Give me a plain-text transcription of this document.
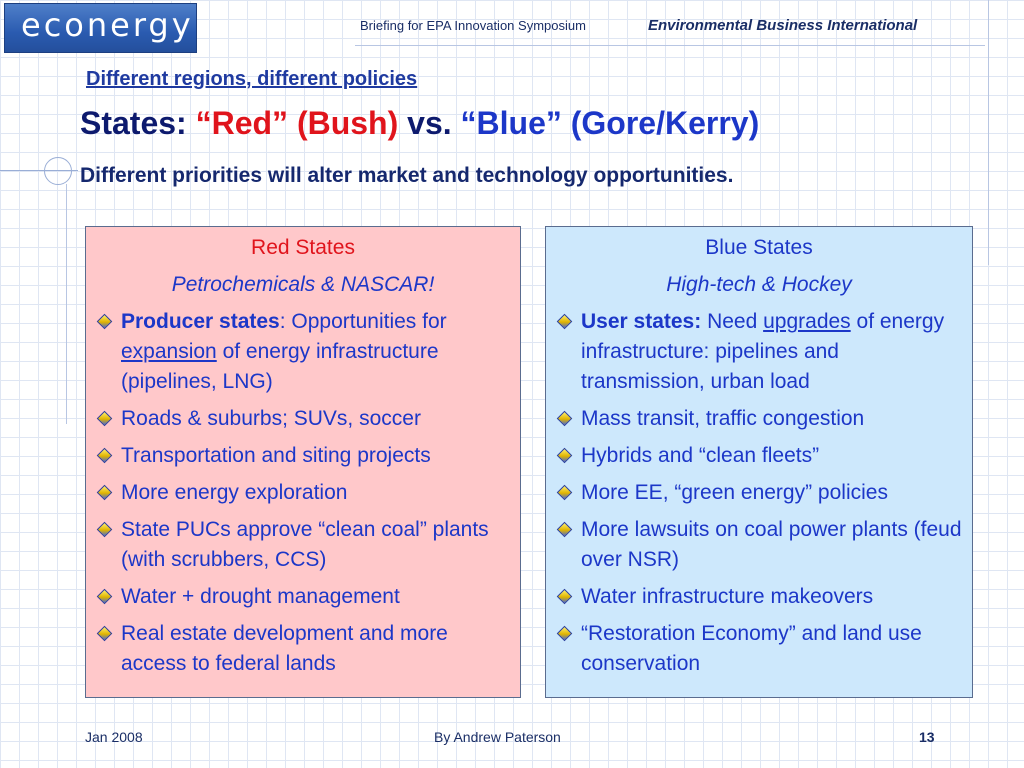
econergy	Briefing for EPA Innovation Symposium	Environmental Business International
Different regions, different policies
States: “Red” (Bush) vs. “Blue” (Gore/Kerry)
Different priorities will alter market and technology opportunities.
Red States
Petrochemicals & NASCAR!
Producer states: Opportunities for expansion of energy infrastructure (pipelines, LNG)
Roads & suburbs; SUVs, soccer
Transportation and siting projects
More energy exploration
State PUCs approve “clean coal” plants (with scrubbers, CCS)
Water + drought management
Real estate development and more access to federal lands
Blue States
High-tech & Hockey
User states: Need upgrades of energy infrastructure: pipelines and transmission, urban load
Mass transit, traffic congestion
Hybrids and “clean fleets”
More EE, “green energy” policies
More lawsuits on coal power plants (feud over NSR)
Water infrastructure makeovers
“Restoration Economy” and land use conservation
Jan 2008	By Andrew Paterson	13
